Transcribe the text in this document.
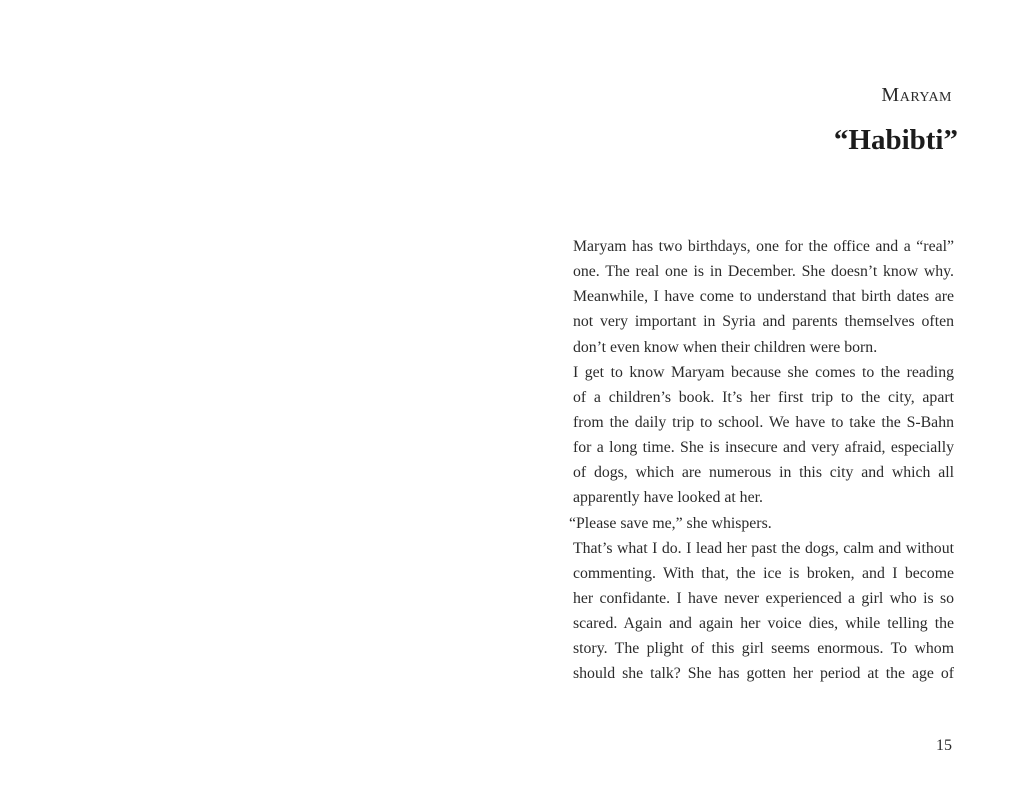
Maryam
“Habibti”
Maryam has two birthdays, one for the office and a “real”
one. The real one is in December. She doesn’t know why.
Meanwhile, I have come to understand that birth dates are
not very important in Syria and parents themselves often
don’t even know when their children were born.
I get to know Maryam because she comes to the reading
of a children’s book. It’s her first trip to the city, apart
from the daily trip to school. We have to take the S-Bahn
for a long time. She is insecure and very afraid, especially
of dogs, which are numerous in this city and which all
apparently have looked at her.
“Please save me,” she whispers.
That’s what I do. I lead her past the dogs, calm and without
commenting. With that, the ice is broken, and I become
her confidante. I have never experienced a girl who is so
scared. Again and again her voice dies, while telling the
story. The plight of this girl seems enormous. To whom
should she talk? She has gotten her period at the age of
15
